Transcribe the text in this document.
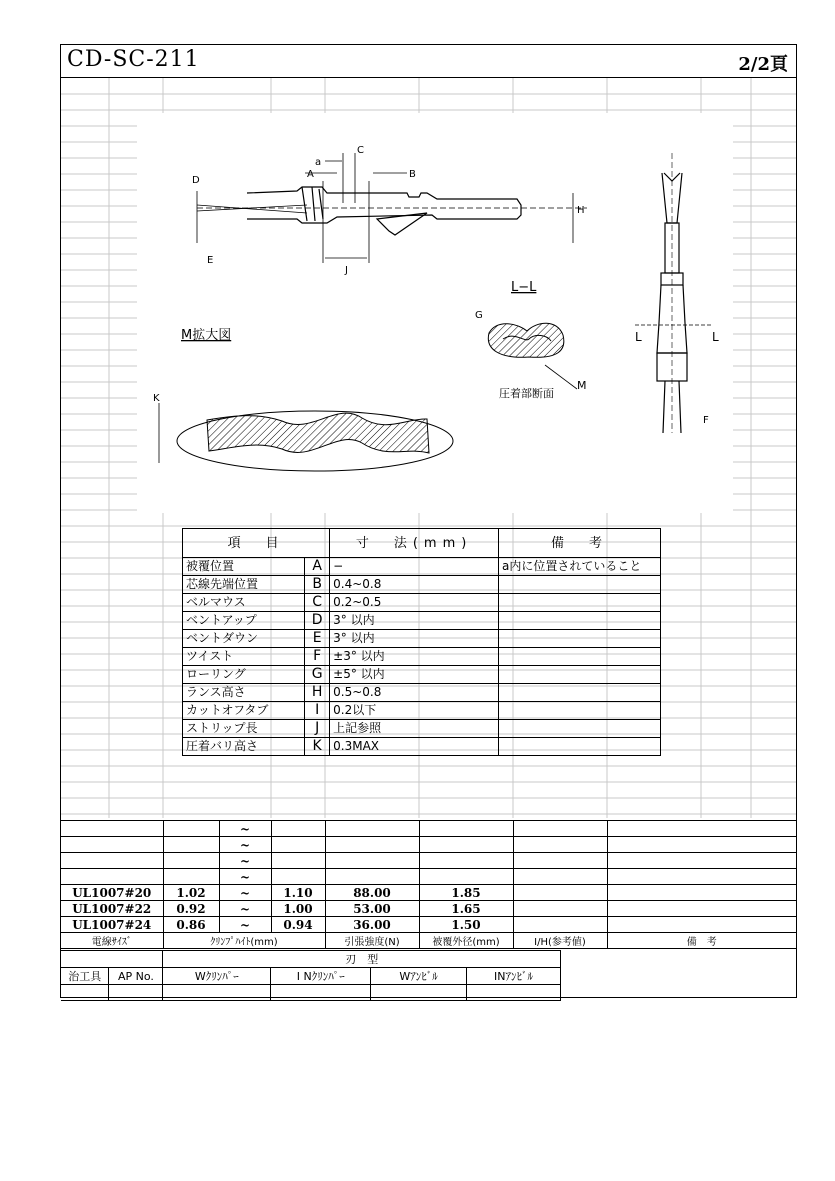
CD-SC-211	2/2頁
C
a
A	B
D
H
J
E
M拡大図
K
L−L
G
圧着部断面
M
L	L
F
項　目		寸　法(mm)	備　考
被覆位置	A	−	a内に位置されていること
芯線先端位置	B	0.4~0.8	
ベルマウス	C	0.2~0.5	
ベントアップ	D	3° 以内	
ベントダウン	E	3° 以内	
ツイスト	F	±3° 以内	
ローリング	G	±5° 以内	
ランス高さ	H	0.5~0.8	
カットオフタブ	I	0.2以下	
ストリップ長	J	上記参照	
圧着バリ高さ	K	0.3MAX	
		~					
		~					
		~					
		~					
UL1007#20	1.02	~	1.10	88.00	1.85		
UL1007#22	0.92	~	1.00	53.00	1.65		
UL1007#24	0.86	~	0.94	36.00	1.50		
電線ｻｲｽﾞ	ｸﾘﾝﾌﾟﾊｲﾄ(mm)			引張強度(N)	被覆外径(mm)	I/H(参考値)	備　考
		刃　型			
治工具	AP No.	Wｸﾘﾝﾊﾟｰ	I Nｸﾘﾝﾊﾟｰ	Wｱﾝﾋﾞﾙ	INｱﾝﾋﾞﾙ
